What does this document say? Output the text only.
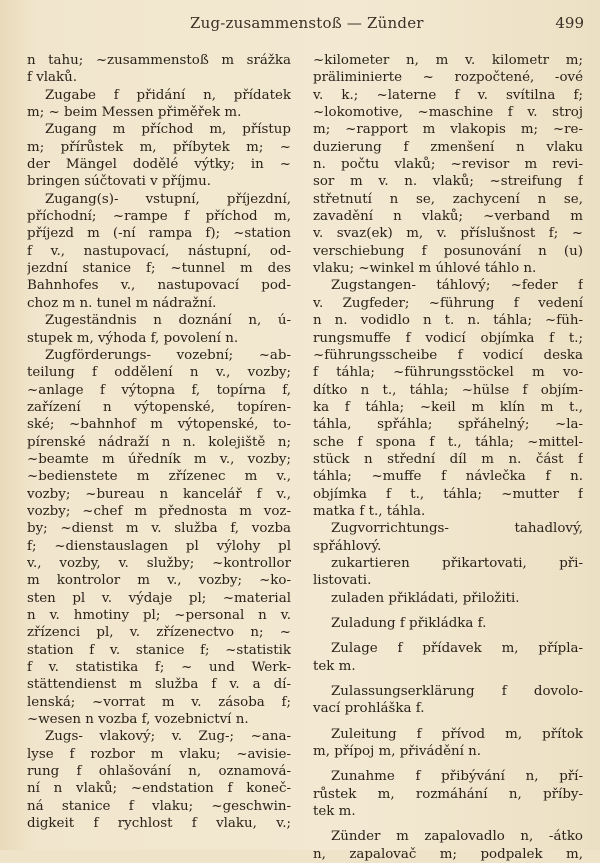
Zug-zusammenstoß — Zünder	499
n tahu; ~zusammenstoß m srážka
f vlaků.
Zugabe f přidání n, přídatek
m; ~ beim Messen přiměřek m.
Zugang m příchod m, přístup
m; přírůstek m, příbytek m; ~
der Mängel dodělé výtky; in ~
bringen súčtovati v příjmu.
Zugang(s)- vstupní, příjezdní,
příchodní; ~rampe f příchod m,
příjezd m (-ní rampa f); ~station
f v., nastupovací, nástupní, od-
jezdní stanice f; ~tunnel m des
Bahnhofes v., nastupovací pod-
choz m n. tunel m nádražní.
Zugeständnis n doznání n, ú-
stupek m, výhoda f, povolení n.
Zugförderungs- vozební; ~ab-
teilung f oddělení n v., vozby;
~anlage f výtopna f, topírna f,
zařízení n výtopenské, topíren-
ské; ~bahnhof m výtopenské, to-
pírenské nádraží n n. kolejiště n;
~beamte m úředník m v., vozby;
~bedienstete m zřízenec m v.,
vozby; ~bureau n kancelář f v.,
vozby; ~chef m přednosta m voz-
by; ~dienst m v. služba f, vozba
f; ~dienstauslagen pl výlohy pl
v., vozby, v. služby; ~kontrollor
m kontrolor m v., vozby; ~ko-
sten pl v. výdaje pl; ~material
n v. hmotiny pl; ~personal n v.
zřízenci pl, v. zřízenectvo n; ~
station f v. stanice f; ~statistik
f v. statistika f; ~ und Werk-
stättendienst m služba f v. a dí-
lenská; ~vorrat m v. zásoba f;
~wesen n vozba f, vozebnictví n.
Zugs- vlakový; v. Zug-; ~ana-
lyse f rozbor m vlaku; ~avisie-
rung f ohlašování n, oznamová-
ní n vlaků; ~endstation f koneč-
ná stanice f vlaku; ~geschwin-
digkeit f rychlost f vlaku, v.;
~kilometer n, m v. kilometr m;
präliminierte ~ rozpočtené, -ové
v. k.; ~laterne f v. svítilna f;
~lokomotive, ~maschine f v. stroj
m; ~rapport m vlakopis m; ~re-
duzierung f zmenšení n vlaku
n. počtu vlaků; ~revisor m revi-
sor m v. n. vlaků; ~streifung f
střetnutí n se, zachycení n se,
zavadění n vlaků; ~verband m
v. svaz(ek) m, v. příslušnost f; ~
verschiebung f posunování n (u)
vlaku; ~winkel m úhlové táhlo n.
Zugstangen- táhlový; ~feder f
v. Zugfeder; ~führung f vedení
n n. vodidlo n t. n. táhla; ~füh-
rungsmuffe f vodicí objímka f t.;
~führungsscheibe f vodicí deska
f táhla; ~führungsstöckel m vo-
dítko n t., táhla; ~hülse f objím-
ka f táhla; ~keil m klín m t.,
táhla, spřáhla; spřáhelný; ~la-
sche f spona f t., táhla; ~mittel-
stück n střední díl m n. část f
táhla; ~muffe f návlečka f n.
objímka f t., táhla; ~mutter f
matka f t., táhla.
Zugvorrichtungs- tahadlový,
spřáhlový.
zukartieren přikartovati, při-
listovati.
zuladen přikládati, přiložiti.
Zuladung f přikládka f.
Zulage f přídavek m, přípla-
tek m.
Zulassungserklärung f dovolo-
vací prohláška f.
Zuleitung f přívod m, přítok
m, přípoj m, přivádění n.
Zunahme f přibývání n, pří-
růstek m, rozmáhání n, příby-
tek m.
Zünder m zapalovadlo n, -átko
n, zapalovač m; podpalek m,
